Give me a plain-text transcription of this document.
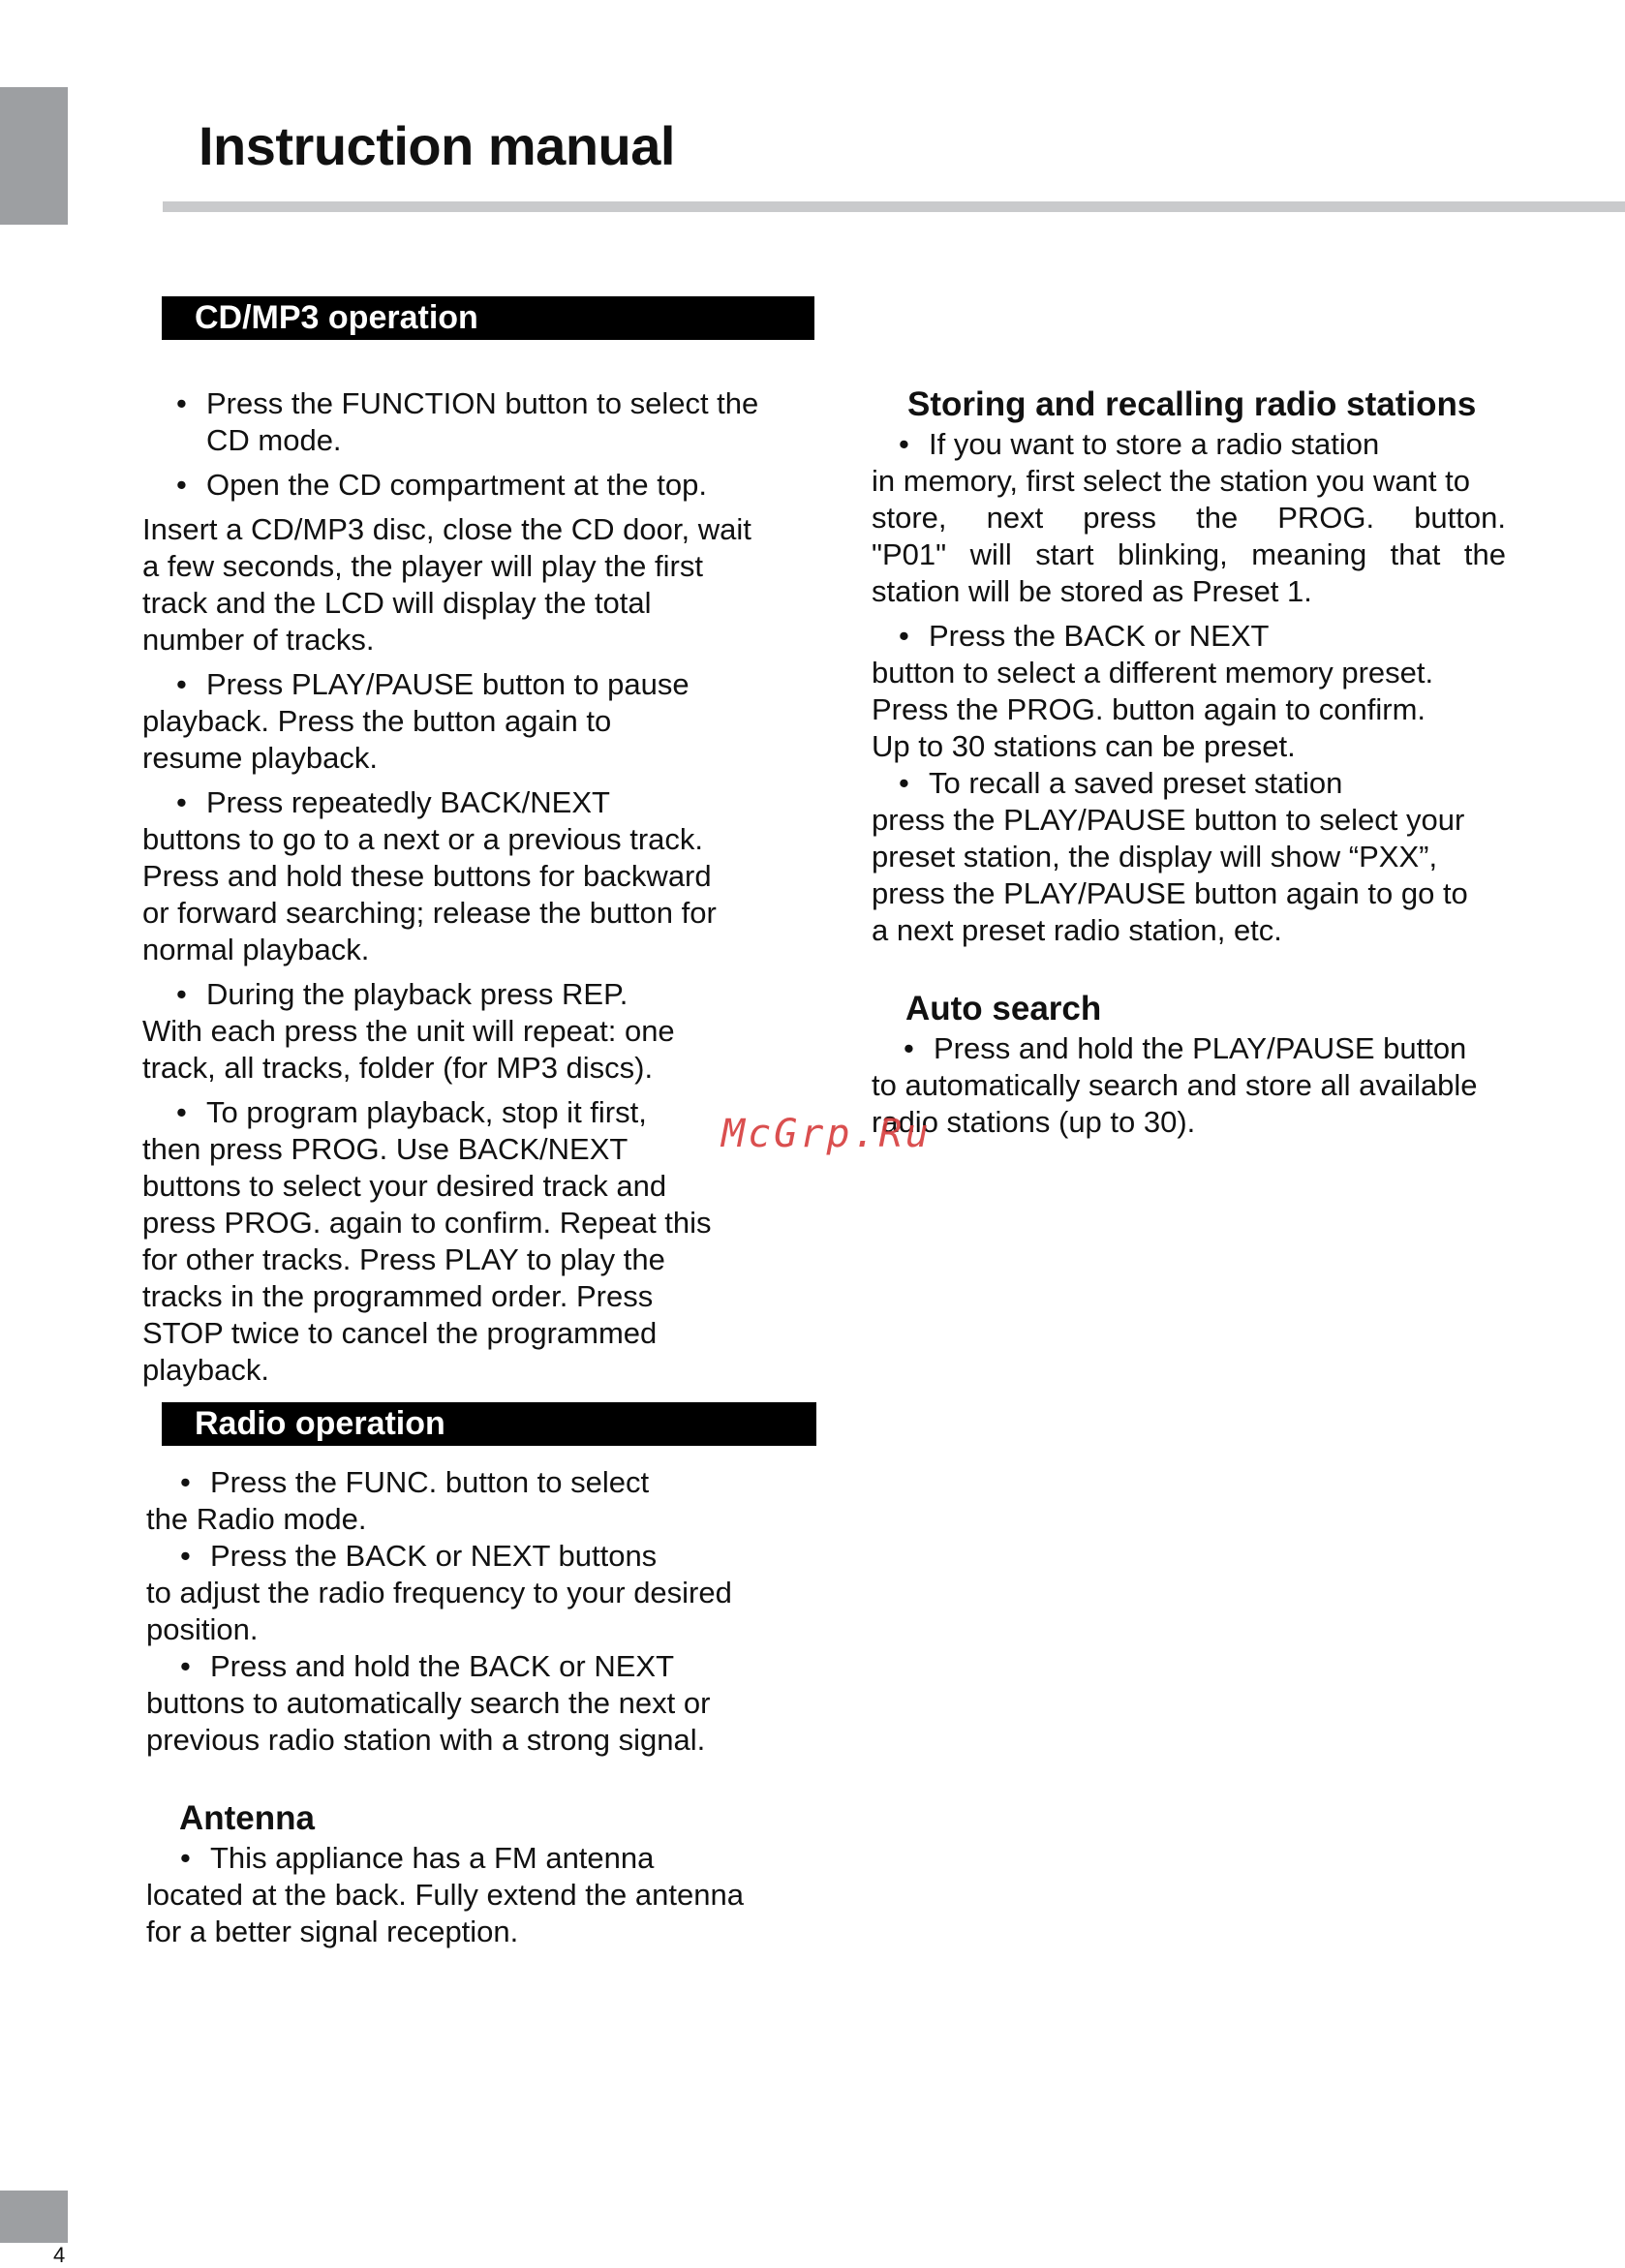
Instruction manual
CD/MP3 operation

• Press the FUNCTION button to select the
CD mode.

• Open the CD compartment at the top.

Insert a CD/MP3 disc, close the CD door, wait
a few seconds, the player will play the first
track and the LCD will display the total
number of tracks.

• Press PLAY/PAUSE button to pause
playback. Press the button again to
resume playback.

• Press repeatedly BACK/NEXT
buttons to go to a next or a previous track.
Press and hold these buttons for backward
or forward searching; release the button for
normal playback.

• During the playback press REP.
With each press the unit will repeat: one
track, all tracks, folder (for MP3 discs).

• To program playback, stop it first,
then press PROG. Use BACK/NEXT
buttons to select your desired track and
press PROG. again to confirm. Repeat this
for other tracks. Press PLAY to play the
tracks in the programmed order. Press
STOP twice to cancel the programmed
playback.

Radio operation

• Press the FUNC. button to select
the Radio mode.

• Press the BACK or NEXT buttons
to adjust the radio frequency to your desired
position.

• Press and hold the BACK or NEXT
buttons to automatically search the next or
previous radio station with a strong signal.

Antenna

• This appliance has a FM antenna
located at the back. Fully extend the antenna
for a better signal reception.

Storing and recalling radio stations

• If you want to store a radio station

in memory, first select the station you want to

store, next press the PROG. button.

"P01" will start blinking, meaning that the

station will be stored as Preset 1.

• Press the BACK or NEXT

button to select a different memory preset.
Press the PROG. button again to confirm.
Up to 30 stations can be preset.

• To recall a saved preset station

press the PLAY/PAUSE button to select your
preset station, the display will show “PXX”,
press the PLAY/PAUSE button again to go to
a next preset radio station, etc.

Auto search

• Press and hold the PLAY/PAUSE button

to automatically search and store all available
radio stations (up to 30).

McGrp.Ru
4
